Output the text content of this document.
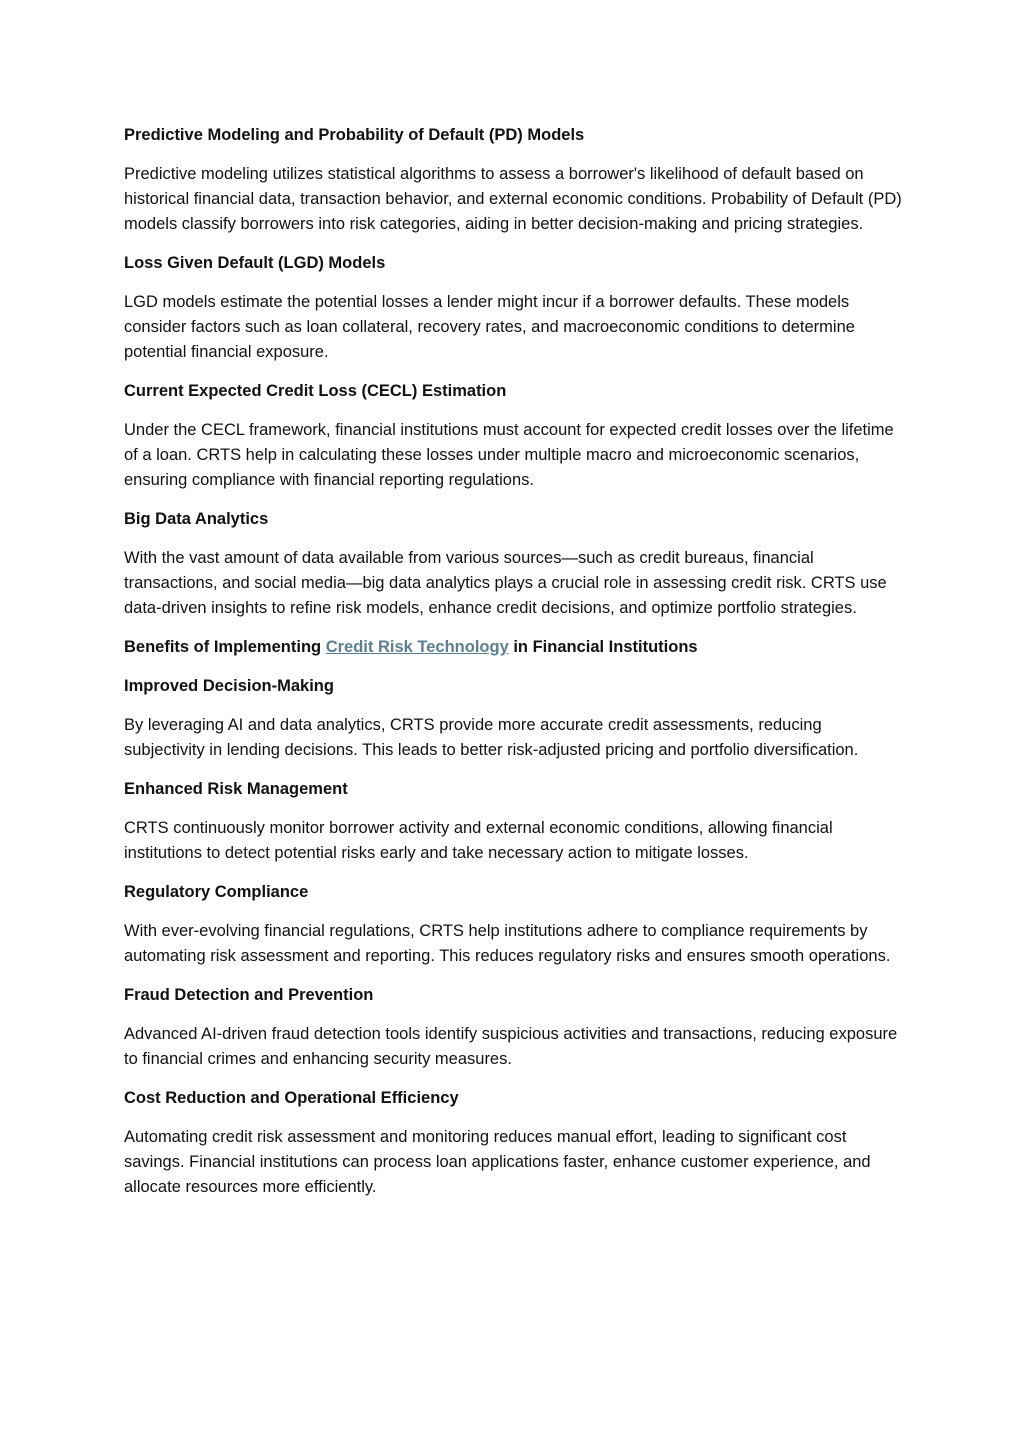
Predictive Modeling and Probability of Default (PD) Models

Predictive modeling utilizes statistical algorithms to assess a borrower's likelihood of default based on historical financial data, transaction behavior, and external economic conditions. Probability of Default (PD) models classify borrowers into risk categories, aiding in better decision-making and pricing strategies.

Loss Given Default (LGD) Models

LGD models estimate the potential losses a lender might incur if a borrower defaults. These models consider factors such as loan collateral, recovery rates, and macroeconomic conditions to determine potential financial exposure.

Current Expected Credit Loss (CECL) Estimation

Under the CECL framework, financial institutions must account for expected credit losses over the lifetime of a loan. CRTS help in calculating these losses under multiple macro and microeconomic scenarios, ensuring compliance with financial reporting regulations.

Big Data Analytics

With the vast amount of data available from various sources—such as credit bureaus, financial transactions, and social media—big data analytics plays a crucial role in assessing credit risk. CRTS use data-driven insights to refine risk models, enhance credit decisions, and optimize portfolio strategies.

Benefits of Implementing Credit Risk Technology in Financial Institutions

Improved Decision-Making

By leveraging AI and data analytics, CRTS provide more accurate credit assessments, reducing subjectivity in lending decisions. This leads to better risk-adjusted pricing and portfolio diversification.

Enhanced Risk Management

CRTS continuously monitor borrower activity and external economic conditions, allowing financial institutions to detect potential risks early and take necessary action to mitigate losses.

Regulatory Compliance

With ever-evolving financial regulations, CRTS help institutions adhere to compliance requirements by automating risk assessment and reporting. This reduces regulatory risks and ensures smooth operations.

Fraud Detection and Prevention

Advanced AI-driven fraud detection tools identify suspicious activities and transactions, reducing exposure to financial crimes and enhancing security measures.

Cost Reduction and Operational Efficiency

Automating credit risk assessment and monitoring reduces manual effort, leading to significant cost savings. Financial institutions can process loan applications faster, enhance customer experience, and allocate resources more efficiently.
